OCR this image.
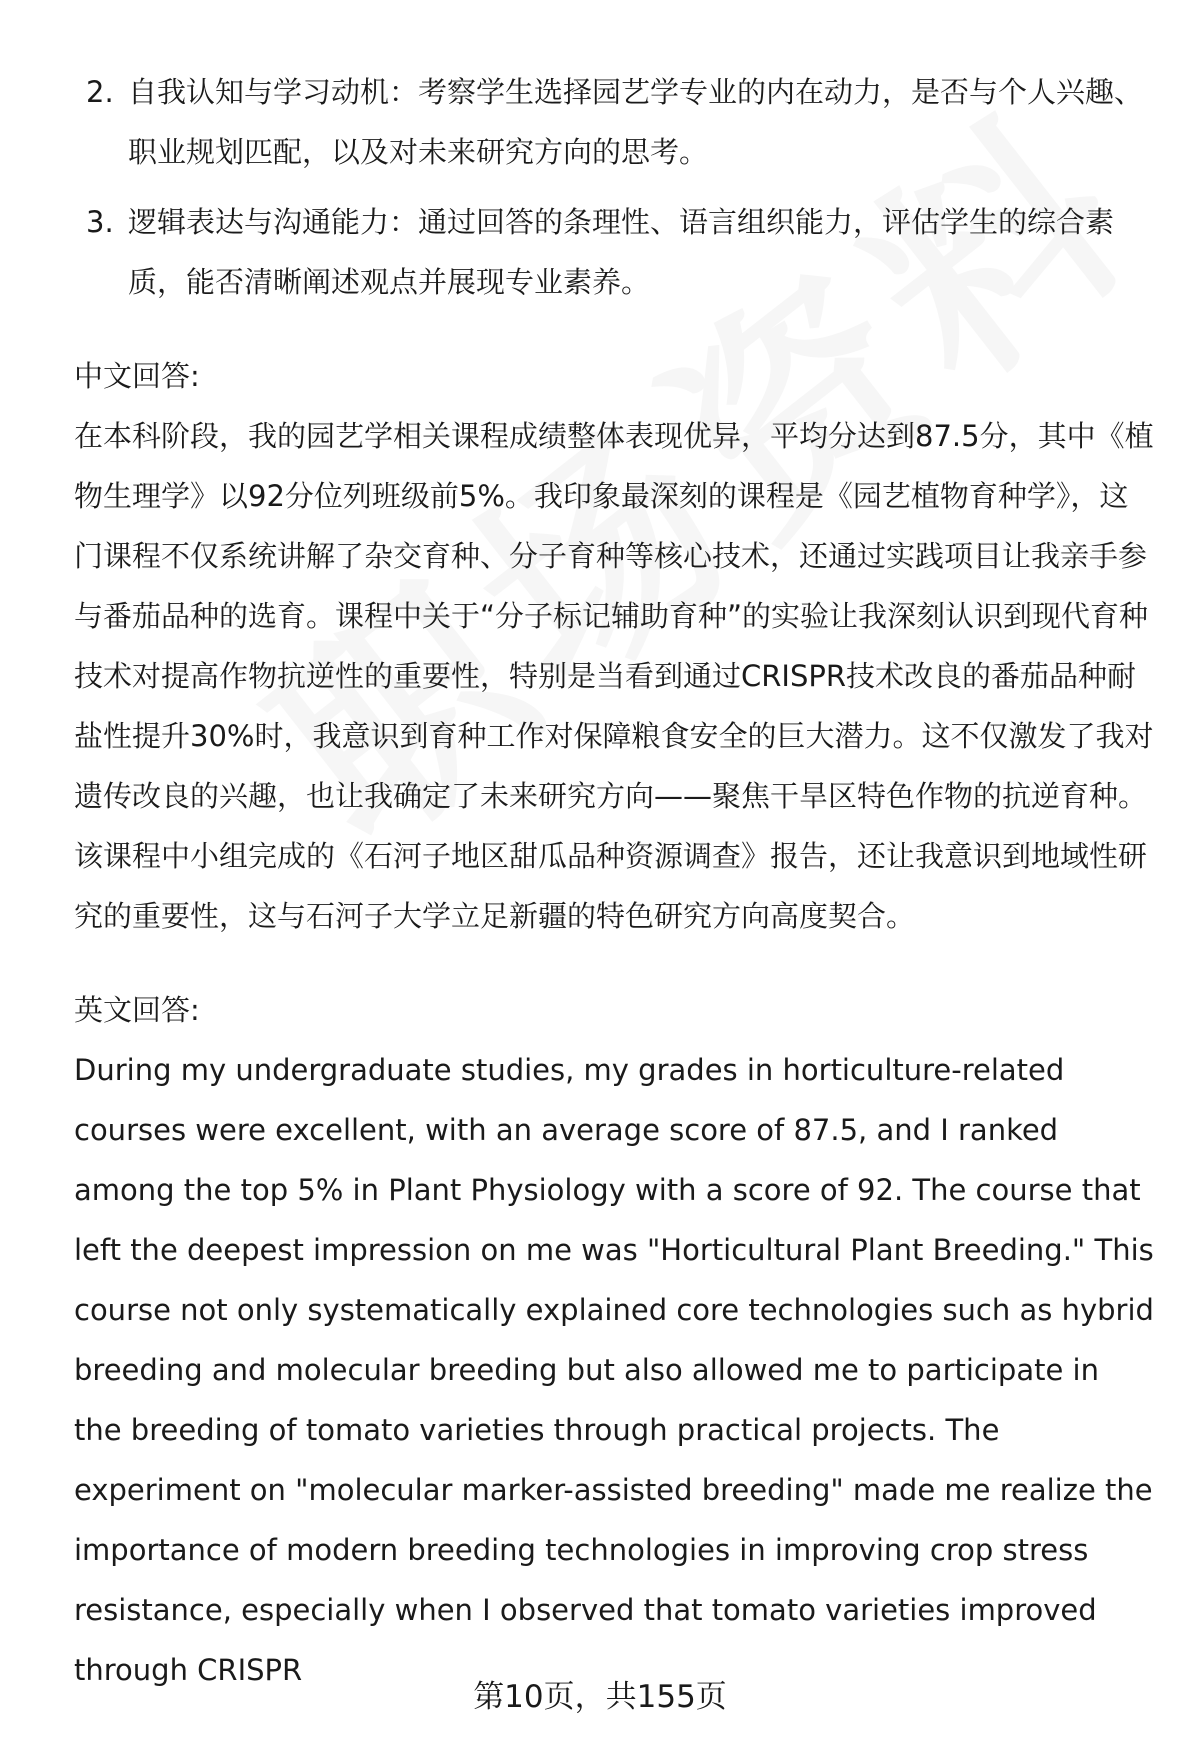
2. 自我认知与学习动机：考察学生选择园艺学专业的内在动力，是否与个人兴趣、职业规划匹配，以及对未来研究方向的思考。
3. 逻辑表达与沟通能力：通过回答的条理性、语言组织能力，评估学生的综合素质，能否清晰阐述观点并展现专业素养。
中文回答:

在本科阶段，我的园艺学相关课程成绩整体表现优异，平均分达到87.5分，其中《植物生理学》以92分位列班级前5%。我印象最深刻的课程是《园艺植物育种学》，这门课程不仅系统讲解了杂交育种、分子育种等核心技术，还通过实践项目让我亲手参与番茄品种的选育。课程中关于“分子标记辅助育种”的实验让我深刻认识到现代育种技术对提高作物抗逆性的重要性，特别是当看到通过CRISPR技术改良的番茄品种耐盐性提升30%时，我意识到育种工作对保障粮食安全的巨大潜力。这不仅激发了我对遗传改良的兴趣，也让我确定了未来研究方向——聚焦干旱区特色作物的抗逆育种。该课程中小组完成的《石河子地区甜瓜品种资源调查》报告，还让我意识到地域性研究的重要性，这与石河子大学立足新疆的特色研究方向高度契合。

英文回答:

During my undergraduate studies, my grades in horticulture-related courses were excellent, with an average score of 87.5, and I ranked among the top 5% in Plant Physiology with a score of 92. The course that left the deepest impression on me was "Horticultural Plant Breeding." This course not only systematically explained core technologies such as hybrid breeding and molecular breeding but also allowed me to participate in the breeding of tomato varieties through practical projects. The experiment on "molecular marker-assisted breeding" made me realize the importance of modern breeding technologies in improving crop stress resistance, especially when I observed that tomato varieties improved through CRISPR

第10页，共155页
